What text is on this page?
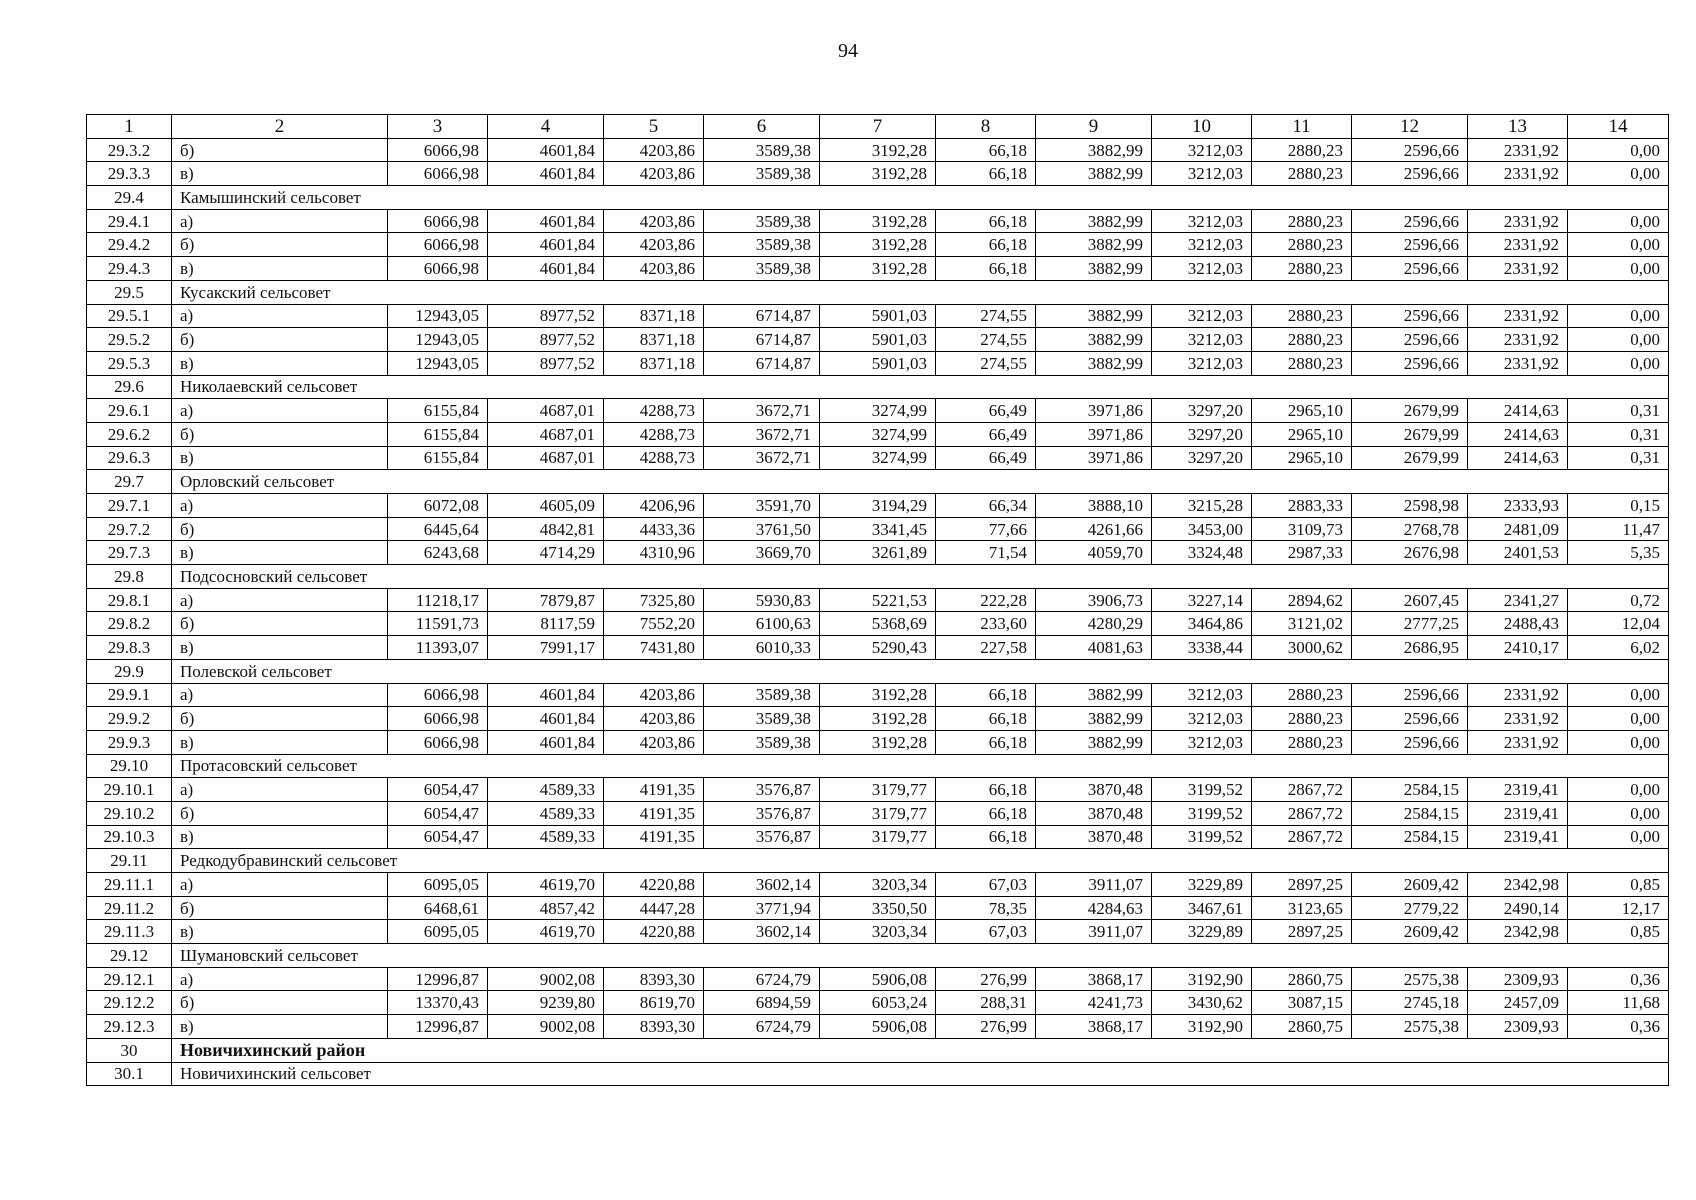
94
1	2	3	4	5	6	7	8	9	10	11	12	13	14
29.3.2	б)	6066,98	4601,84	4203,86	3589,38	3192,28	66,18	3882,99	3212,03	2880,23	2596,66	2331,92	0,00
29.3.3	в)	6066,98	4601,84	4203,86	3589,38	3192,28	66,18	3882,99	3212,03	2880,23	2596,66	2331,92	0,00
29.4	Камышинский сельсовет												
29.4.1	а)	6066,98	4601,84	4203,86	3589,38	3192,28	66,18	3882,99	3212,03	2880,23	2596,66	2331,92	0,00
29.4.2	б)	6066,98	4601,84	4203,86	3589,38	3192,28	66,18	3882,99	3212,03	2880,23	2596,66	2331,92	0,00
29.4.3	в)	6066,98	4601,84	4203,86	3589,38	3192,28	66,18	3882,99	3212,03	2880,23	2596,66	2331,92	0,00
29.5	Кусакский сельсовет												
29.5.1	а)	12943,05	8977,52	8371,18	6714,87	5901,03	274,55	3882,99	3212,03	2880,23	2596,66	2331,92	0,00
29.5.2	б)	12943,05	8977,52	8371,18	6714,87	5901,03	274,55	3882,99	3212,03	2880,23	2596,66	2331,92	0,00
29.5.3	в)	12943,05	8977,52	8371,18	6714,87	5901,03	274,55	3882,99	3212,03	2880,23	2596,66	2331,92	0,00
29.6	Николаевский сельсовет												
29.6.1	а)	6155,84	4687,01	4288,73	3672,71	3274,99	66,49	3971,86	3297,20	2965,10	2679,99	2414,63	0,31
29.6.2	б)	6155,84	4687,01	4288,73	3672,71	3274,99	66,49	3971,86	3297,20	2965,10	2679,99	2414,63	0,31
29.6.3	в)	6155,84	4687,01	4288,73	3672,71	3274,99	66,49	3971,86	3297,20	2965,10	2679,99	2414,63	0,31
29.7	Орловский сельсовет												
29.7.1	а)	6072,08	4605,09	4206,96	3591,70	3194,29	66,34	3888,10	3215,28	2883,33	2598,98	2333,93	0,15
29.7.2	б)	6445,64	4842,81	4433,36	3761,50	3341,45	77,66	4261,66	3453,00	3109,73	2768,78	2481,09	11,47
29.7.3	в)	6243,68	4714,29	4310,96	3669,70	3261,89	71,54	4059,70	3324,48	2987,33	2676,98	2401,53	5,35
29.8	Подсосновский сельсовет												
29.8.1	а)	11218,17	7879,87	7325,80	5930,83	5221,53	222,28	3906,73	3227,14	2894,62	2607,45	2341,27	0,72
29.8.2	б)	11591,73	8117,59	7552,20	6100,63	5368,69	233,60	4280,29	3464,86	3121,02	2777,25	2488,43	12,04
29.8.3	в)	11393,07	7991,17	7431,80	6010,33	5290,43	227,58	4081,63	3338,44	3000,62	2686,95	2410,17	6,02
29.9	Полевской сельсовет												
29.9.1	а)	6066,98	4601,84	4203,86	3589,38	3192,28	66,18	3882,99	3212,03	2880,23	2596,66	2331,92	0,00
29.9.2	б)	6066,98	4601,84	4203,86	3589,38	3192,28	66,18	3882,99	3212,03	2880,23	2596,66	2331,92	0,00
29.9.3	в)	6066,98	4601,84	4203,86	3589,38	3192,28	66,18	3882,99	3212,03	2880,23	2596,66	2331,92	0,00
29.10	Протасовский сельсовет												
29.10.1	а)	6054,47	4589,33	4191,35	3576,87	3179,77	66,18	3870,48	3199,52	2867,72	2584,15	2319,41	0,00
29.10.2	б)	6054,47	4589,33	4191,35	3576,87	3179,77	66,18	3870,48	3199,52	2867,72	2584,15	2319,41	0,00
29.10.3	в)	6054,47	4589,33	4191,35	3576,87	3179,77	66,18	3870,48	3199,52	2867,72	2584,15	2319,41	0,00
29.11	Редкодубравинский сельсовет												
29.11.1	а)	6095,05	4619,70	4220,88	3602,14	3203,34	67,03	3911,07	3229,89	2897,25	2609,42	2342,98	0,85
29.11.2	б)	6468,61	4857,42	4447,28	3771,94	3350,50	78,35	4284,63	3467,61	3123,65	2779,22	2490,14	12,17
29.11.3	в)	6095,05	4619,70	4220,88	3602,14	3203,34	67,03	3911,07	3229,89	2897,25	2609,42	2342,98	0,85
29.12	Шумановский сельсовет												
29.12.1	а)	12996,87	9002,08	8393,30	6724,79	5906,08	276,99	3868,17	3192,90	2860,75	2575,38	2309,93	0,36
29.12.2	б)	13370,43	9239,80	8619,70	6894,59	6053,24	288,31	4241,73	3430,62	3087,15	2745,18	2457,09	11,68
29.12.3	в)	12996,87	9002,08	8393,30	6724,79	5906,08	276,99	3868,17	3192,90	2860,75	2575,38	2309,93	0,36
30	Новичихинский район												
30.1	Новичихинский сельсовет												
